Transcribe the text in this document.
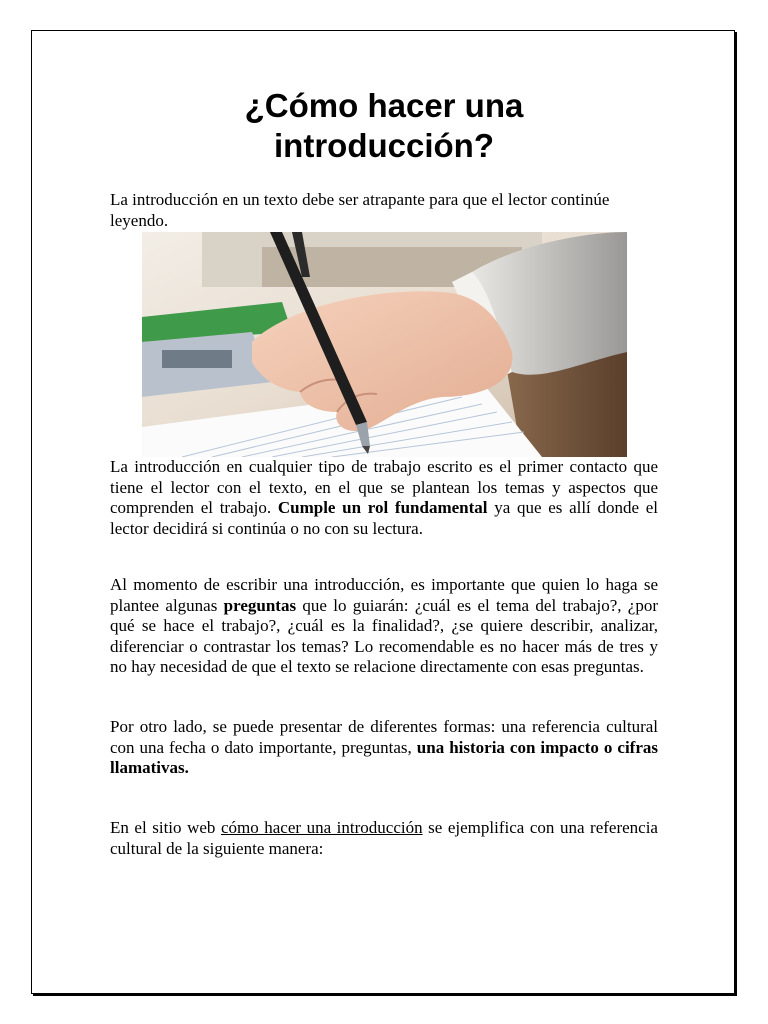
¿Cómo hacer una
introducción?

La introducción en un texto debe ser atrapante para que el lector continúe leyendo.

La introducción en cualquier tipo de trabajo escrito es el primer contacto que tiene el lector con el texto, en el que se plantean los temas y aspectos que comprenden el trabajo. Cumple un rol fundamental ya que es allí donde el lector decidirá si continúa o no con su lectura.

Al momento de escribir una introducción, es importante que quien lo haga se plantee algunas preguntas que lo guiarán: ¿cuál es el tema del trabajo?, ¿por qué se hace el trabajo?, ¿cuál es la finalidad?, ¿se quiere describir, analizar, diferenciar o contrastar los temas? Lo recomendable es no hacer más de tres y no hay necesidad de que el texto se relacione directamente con esas preguntas.

Por otro lado, se puede presentar de diferentes formas: una referencia cultural con una fecha o dato importante, preguntas, una historia con impacto o cifras llamativas.

En el sitio web cómo hacer una introducción se ejemplifica con una referencia cultural de la siguiente manera:
